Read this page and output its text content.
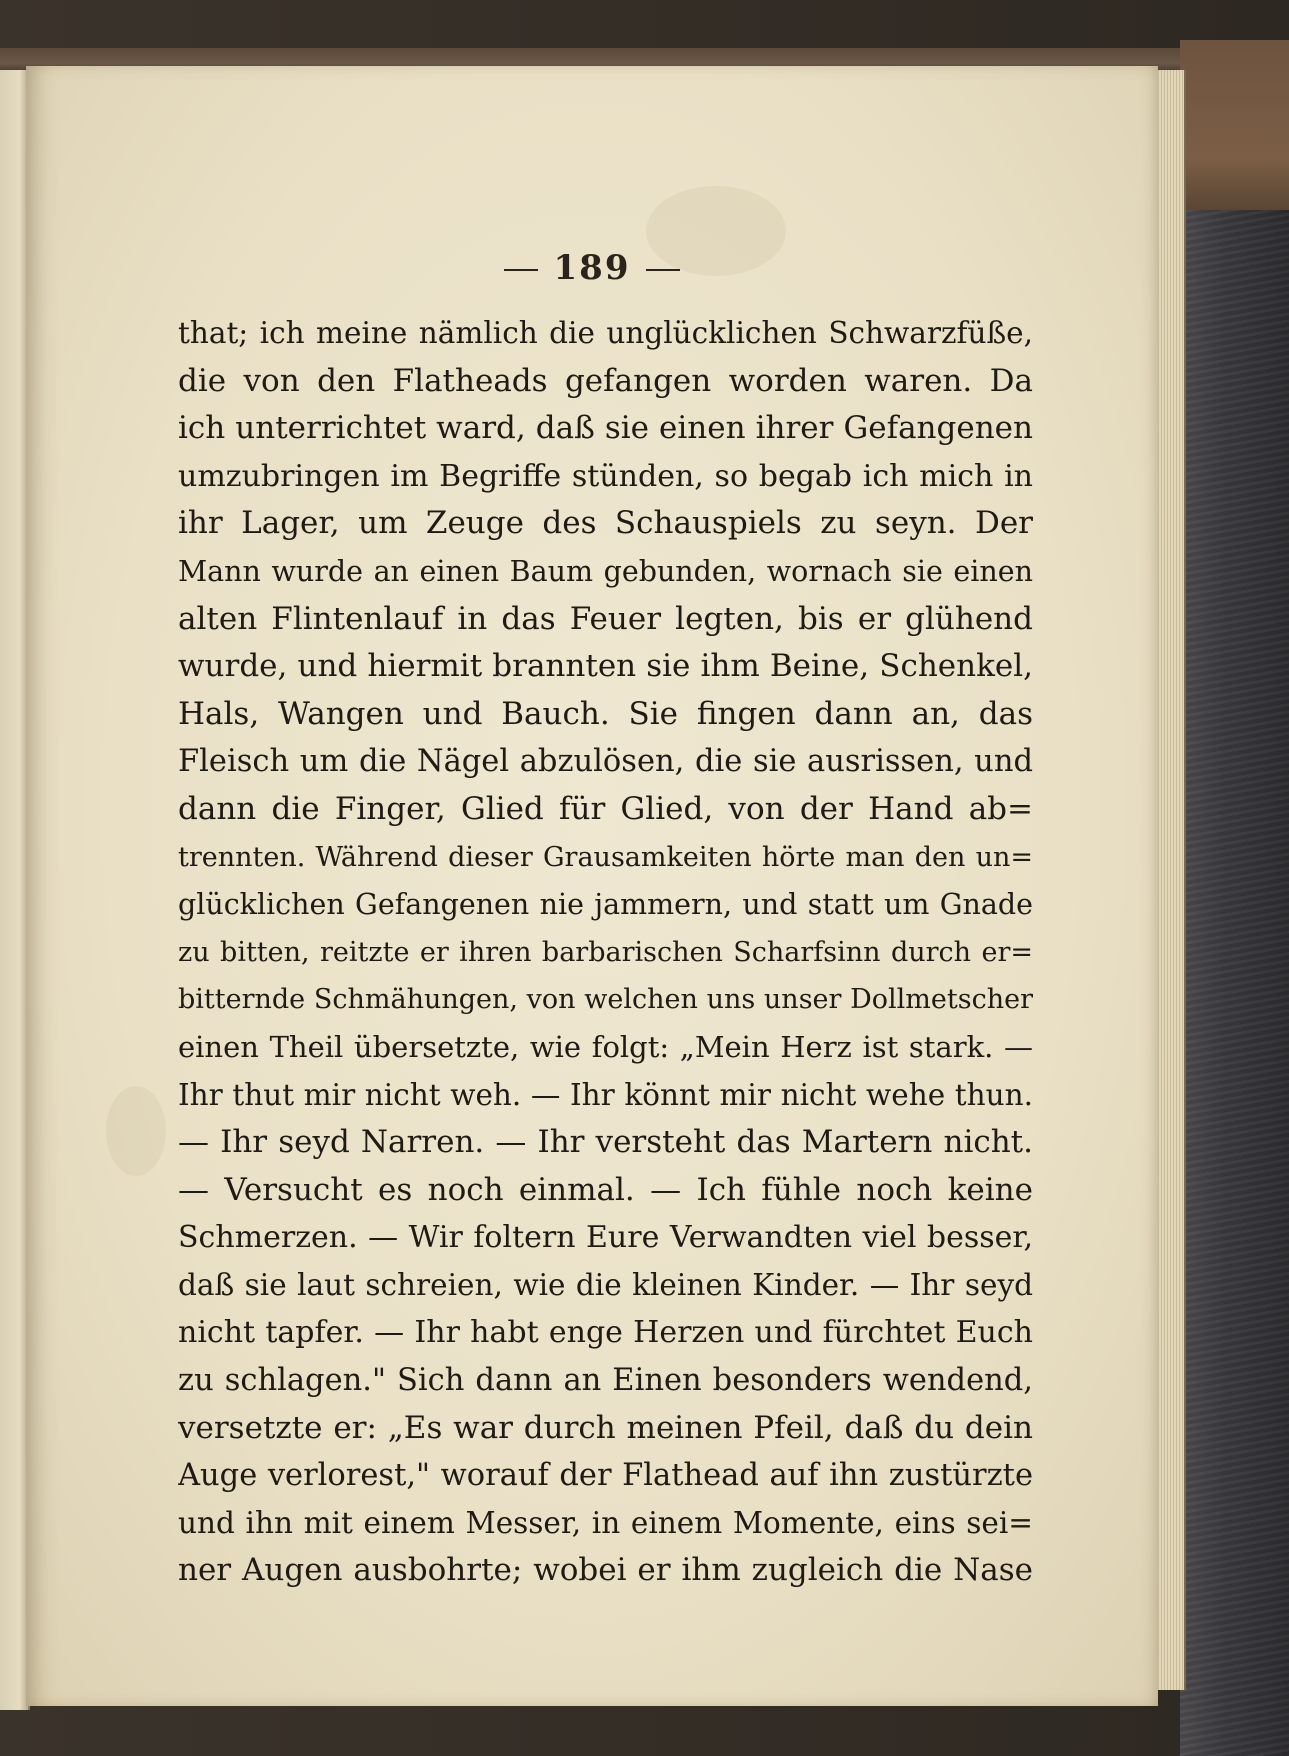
189
that; ich meine nämlich die unglücklichen Schwarzfüße,
die von den Flatheads gefangen worden waren. Da
ich unterrichtet ward, daß sie einen ihrer Gefangenen
umzubringen im Begriffe stünden, so begab ich mich in
ihr Lager, um Zeuge des Schauspiels zu seyn. Der
Mann wurde an einen Baum gebunden, wornach sie einen
alten Flintenlauf in das Feuer legten, bis er glühend
wurde, und hiermit brannten sie ihm Beine, Schenkel,
Hals, Wangen und Bauch. Sie fingen dann an, das
Fleisch um die Nägel abzulösen, die sie ausrissen, und
dann die Finger, Glied für Glied, von der Hand ab=
trennten. Während dieser Grausamkeiten hörte man den un=
glücklichen Gefangenen nie jammern, und statt um Gnade
zu bitten, reitzte er ihren barbarischen Scharfsinn durch er=
bitternde Schmähungen, von welchen uns unser Dollmetscher
einen Theil übersetzte, wie folgt: „Mein Herz ist stark. —
Ihr thut mir nicht weh. — Ihr könnt mir nicht wehe thun.
— Ihr seyd Narren. — Ihr versteht das Martern nicht.
— Versucht es noch einmal. — Ich fühle noch keine
Schmerzen. — Wir foltern Eure Verwandten viel besser,
daß sie laut schreien, wie die kleinen Kinder. — Ihr seyd
nicht tapfer. — Ihr habt enge Herzen und fürchtet Euch
zu schlagen." Sich dann an Einen besonders wendend,
versetzte er: „Es war durch meinen Pfeil, daß du dein
Auge verlorest," worauf der Flathead auf ihn zustürzte
und ihn mit einem Messer, in einem Momente, eins sei=
ner Augen ausbohrte; wobei er ihm zugleich die Nase
